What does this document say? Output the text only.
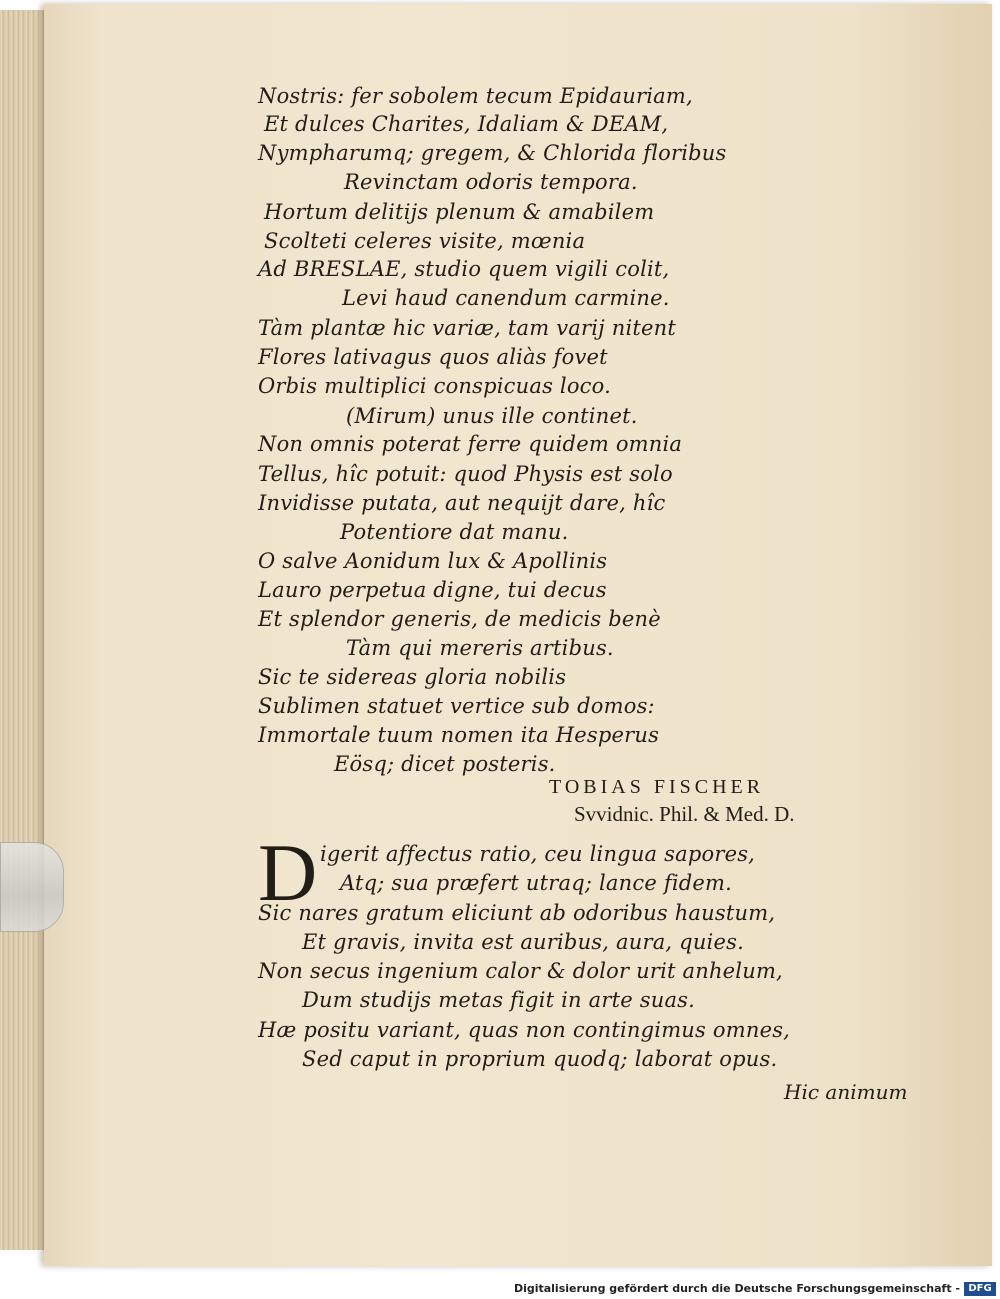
Nostris: fer sobolem tecum Epidauriam,
Et dulces Charites, Idaliam & DEAM,
Nympharumq; gregem, & Chlorida floribus
Revinctam odoris tempora.
Hortum delitijs plenum & amabilem
Scolteti celeres visite, mœnia
Ad BRESLAE, studio quem vigili colit,
Levi haud canendum carmine.
Tàm plantæ hic variæ, tam varij nitent
Flores lativagus quos aliàs fovet
Orbis multiplici conspicuas loco.
(Mirum) unus ille continet.
Non omnis poterat ferre quidem omnia
Tellus, hîc potuit: quod Physis est solo
Invidisse putata, aut nequijt dare, hîc
Potentiore dat manu.
O salve Aonidum lux & Apollinis
Lauro perpetua digne, tui decus
Et splendor generis, de medicis benè
Tàm qui mereris artibus.
Sic te sidereas gloria nobilis
Sublimen statuet vertice sub domos:
Immortale tuum nomen ita Hesperus
Eösq; dicet posteris.
TOBIAS FISCHER
Svvidnic. Phil. & Med. D.
D igerit affectus ratio, ceu lingua sapores,
Atq; sua præfert utraq; lance fidem.
Sic nares gratum eliciunt ab odoribus haustum,
Et gravis, invita est auribus, aura, quies.
Non secus ingenium calor & dolor urit anhelum,
Dum studijs metas figit in arte suas.
Hæ positu variant, quas non contingimus omnes,
Sed caput in proprium quodq; laborat opus.
Hic animum
Digitalisierung gefördert durch die Deutsche Forschungsgemeinschaft - DFG
